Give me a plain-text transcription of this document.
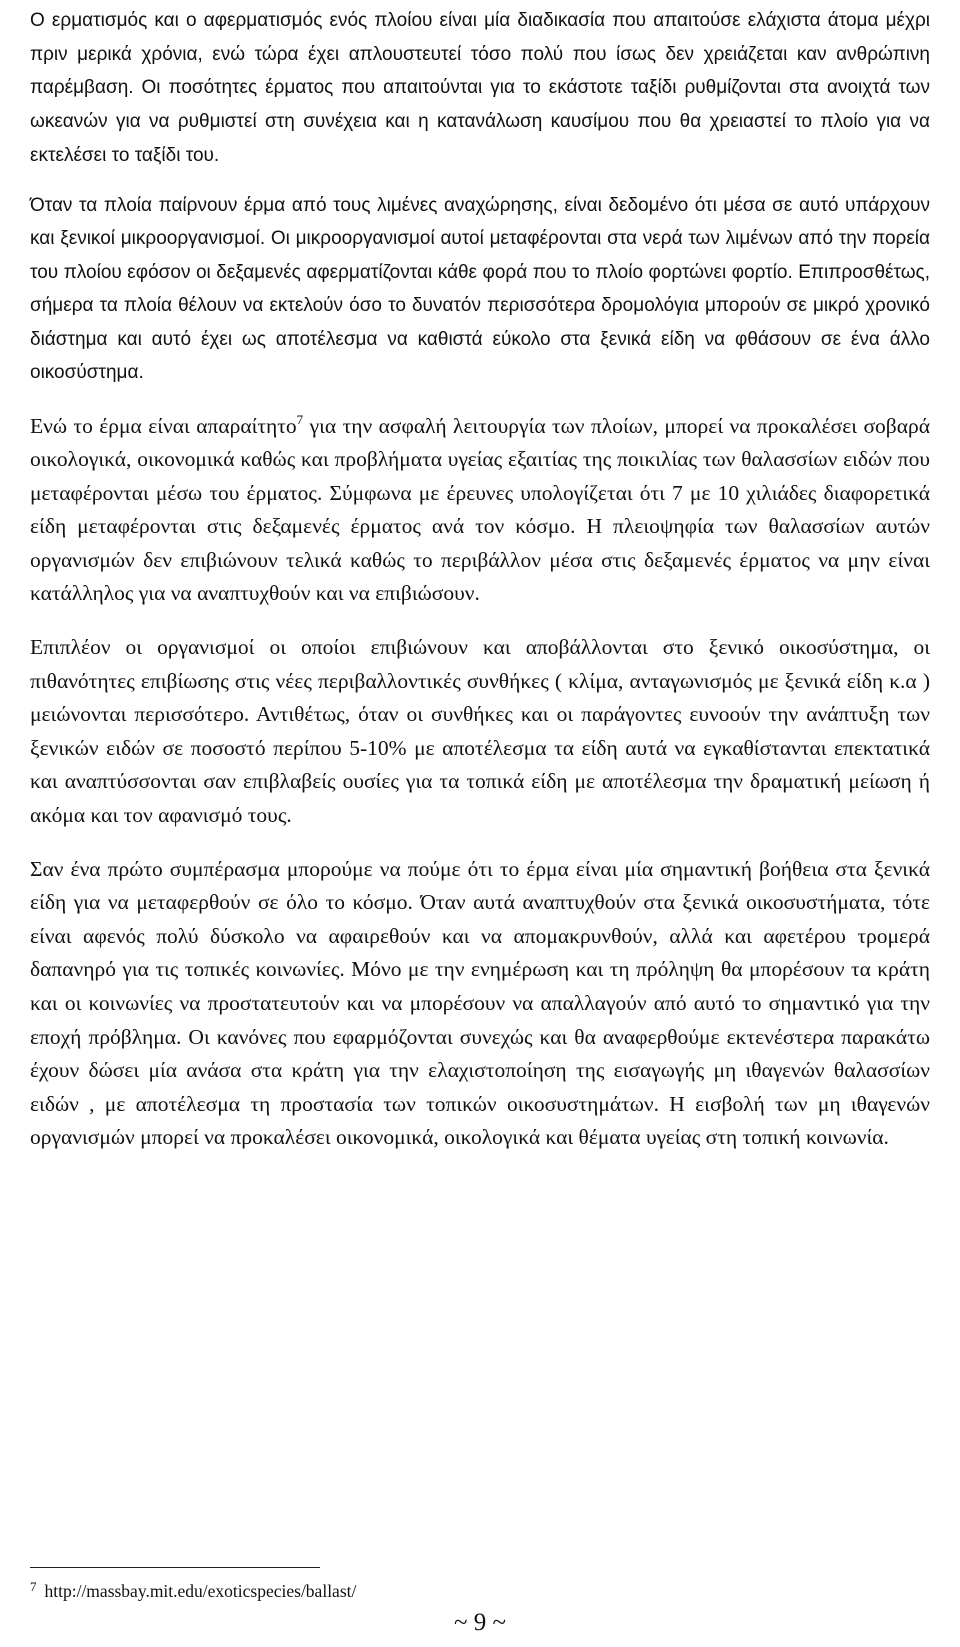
Ο ερματισμός και ο αφερματισμός ενός πλοίου είναι μία διαδικασία που απαιτούσε ελάχιστα άτομα μέχρι πριν μερικά χρόνια, ενώ τώρα έχει απλουστευτεί τόσο πολύ που ίσως δεν χρειάζεται καν ανθρώπινη παρέμβαση. Οι ποσότητες έρματος που απαιτούνται για το εκάστοτε ταξίδι ρυθμίζονται στα ανοιχτά των ωκεανών για να ρυθμιστεί στη συνέχεια και η κατανάλωση καυσίμου που θα χρειαστεί το πλοίο για να εκτελέσει το ταξίδι του.

Όταν τα πλοία παίρνουν έρμα από τους λιμένες αναχώρησης, είναι δεδομένο ότι μέσα σε αυτό υπάρχουν και ξενικοί μικροοργανισμοί. Οι μικροοργανισμοί αυτοί μεταφέρονται στα νερά των λιμένων από την πορεία του πλοίου εφόσον οι δεξαμενές αφερματίζονται κάθε φορά που το πλοίο φορτώνει φορτίο. Επιπροσθέτως, σήμερα τα πλοία θέλουν να εκτελούν όσο το δυνατόν περισσότερα δρομολόγια μπορούν σε μικρό χρονικό διάστημα και αυτό έχει ως αποτέλεσμα να καθιστά εύκολο στα ξενικά είδη να φθάσουν σε ένα άλλο οικοσύστημα.

Ενώ το έρμα είναι απαραίτητο$^7$ για την ασφαλή λειτουργία των πλοίων, μπορεί να προκαλέσει σοβαρά οικολογικά, οικονομικά καθώς και προβλήματα υγείας εξαιτίας της ποικιλίας των θαλασσίων ειδών που μεταφέρονται μέσω του έρματος. Σύμφωνα με έρευνες υπολογίζεται ότι 7 με 10 χιλιάδες διαφορετικά είδη μεταφέρονται στις δεξαμενές έρματος ανά τον κόσμο. Η πλειοψηφία των θαλασσίων αυτών οργανισμών δεν επιβιώνουν τελικά καθώς το περιβάλλον μέσα στις δεξαμενές έρματος να μην είναι κατάλληλος για να αναπτυχθούν και να επιβιώσουν.

Επιπλέον οι οργανισμοί οι οποίοι επιβιώνουν και αποβάλλονται στο ξενικό οικοσύστημα, οι πιθανότητες επιβίωσης στις νέες περιβαλλοντικές συνθήκες ( κλίμα, ανταγωνισμός με ξενικά είδη κ.α ) μειώνονται περισσότερο. Αντιθέτως, όταν οι συνθήκες και οι παράγοντες ευνοούν την ανάπτυξη των ξενικών ειδών σε ποσοστό περίπου 5-10% με αποτέλεσμα τα είδη αυτά να εγκαθίστανται επεκτατικά και αναπτύσσονται σαν επιβλαβείς ουσίες για τα τοπικά είδη με αποτέλεσμα την δραματική μείωση ή ακόμα και τον αφανισμό τους.

Σαν ένα πρώτο συμπέρασμα μπορούμε να πούμε ότι το έρμα είναι μία σημαντική βοήθεια στα ξενικά είδη για να μεταφερθούν σε όλο το κόσμο. Όταν αυτά αναπτυχθούν στα ξενικά οικοσυστήματα, τότε είναι αφενός πολύ δύσκολο να αφαιρεθούν και να απομακρυνθούν, αλλά και αφετέρου τρομερά δαπανηρό για τις τοπικές κοινωνίες. Μόνο με την ενημέρωση και τη πρόληψη θα μπορέσουν τα κράτη και οι κοινωνίες να προστατευτούν και να μπορέσουν να απαλλαγούν από αυτό το σημαντικό για την εποχή πρόβλημα. Οι κανόνες που εφαρμόζονται συνεχώς και θα αναφερθούμε εκτενέστερα παρακάτω έχουν δώσει μία ανάσα στα κράτη για την ελαχιστοποίηση της εισαγωγής μη ιθαγενών θαλασσίων ειδών , με αποτέλεσμα τη προστασία των τοπικών οικοσυστημάτων. Η εισβολή των μη ιθαγενών οργανισμών μπορεί να προκαλέσει οικονομικά, οικολογικά και θέματα υγείας στη τοπική κοινωνία.

$^7$ http://massbay.mit.edu/exoticspecies/ballast/
~ 9 ~
